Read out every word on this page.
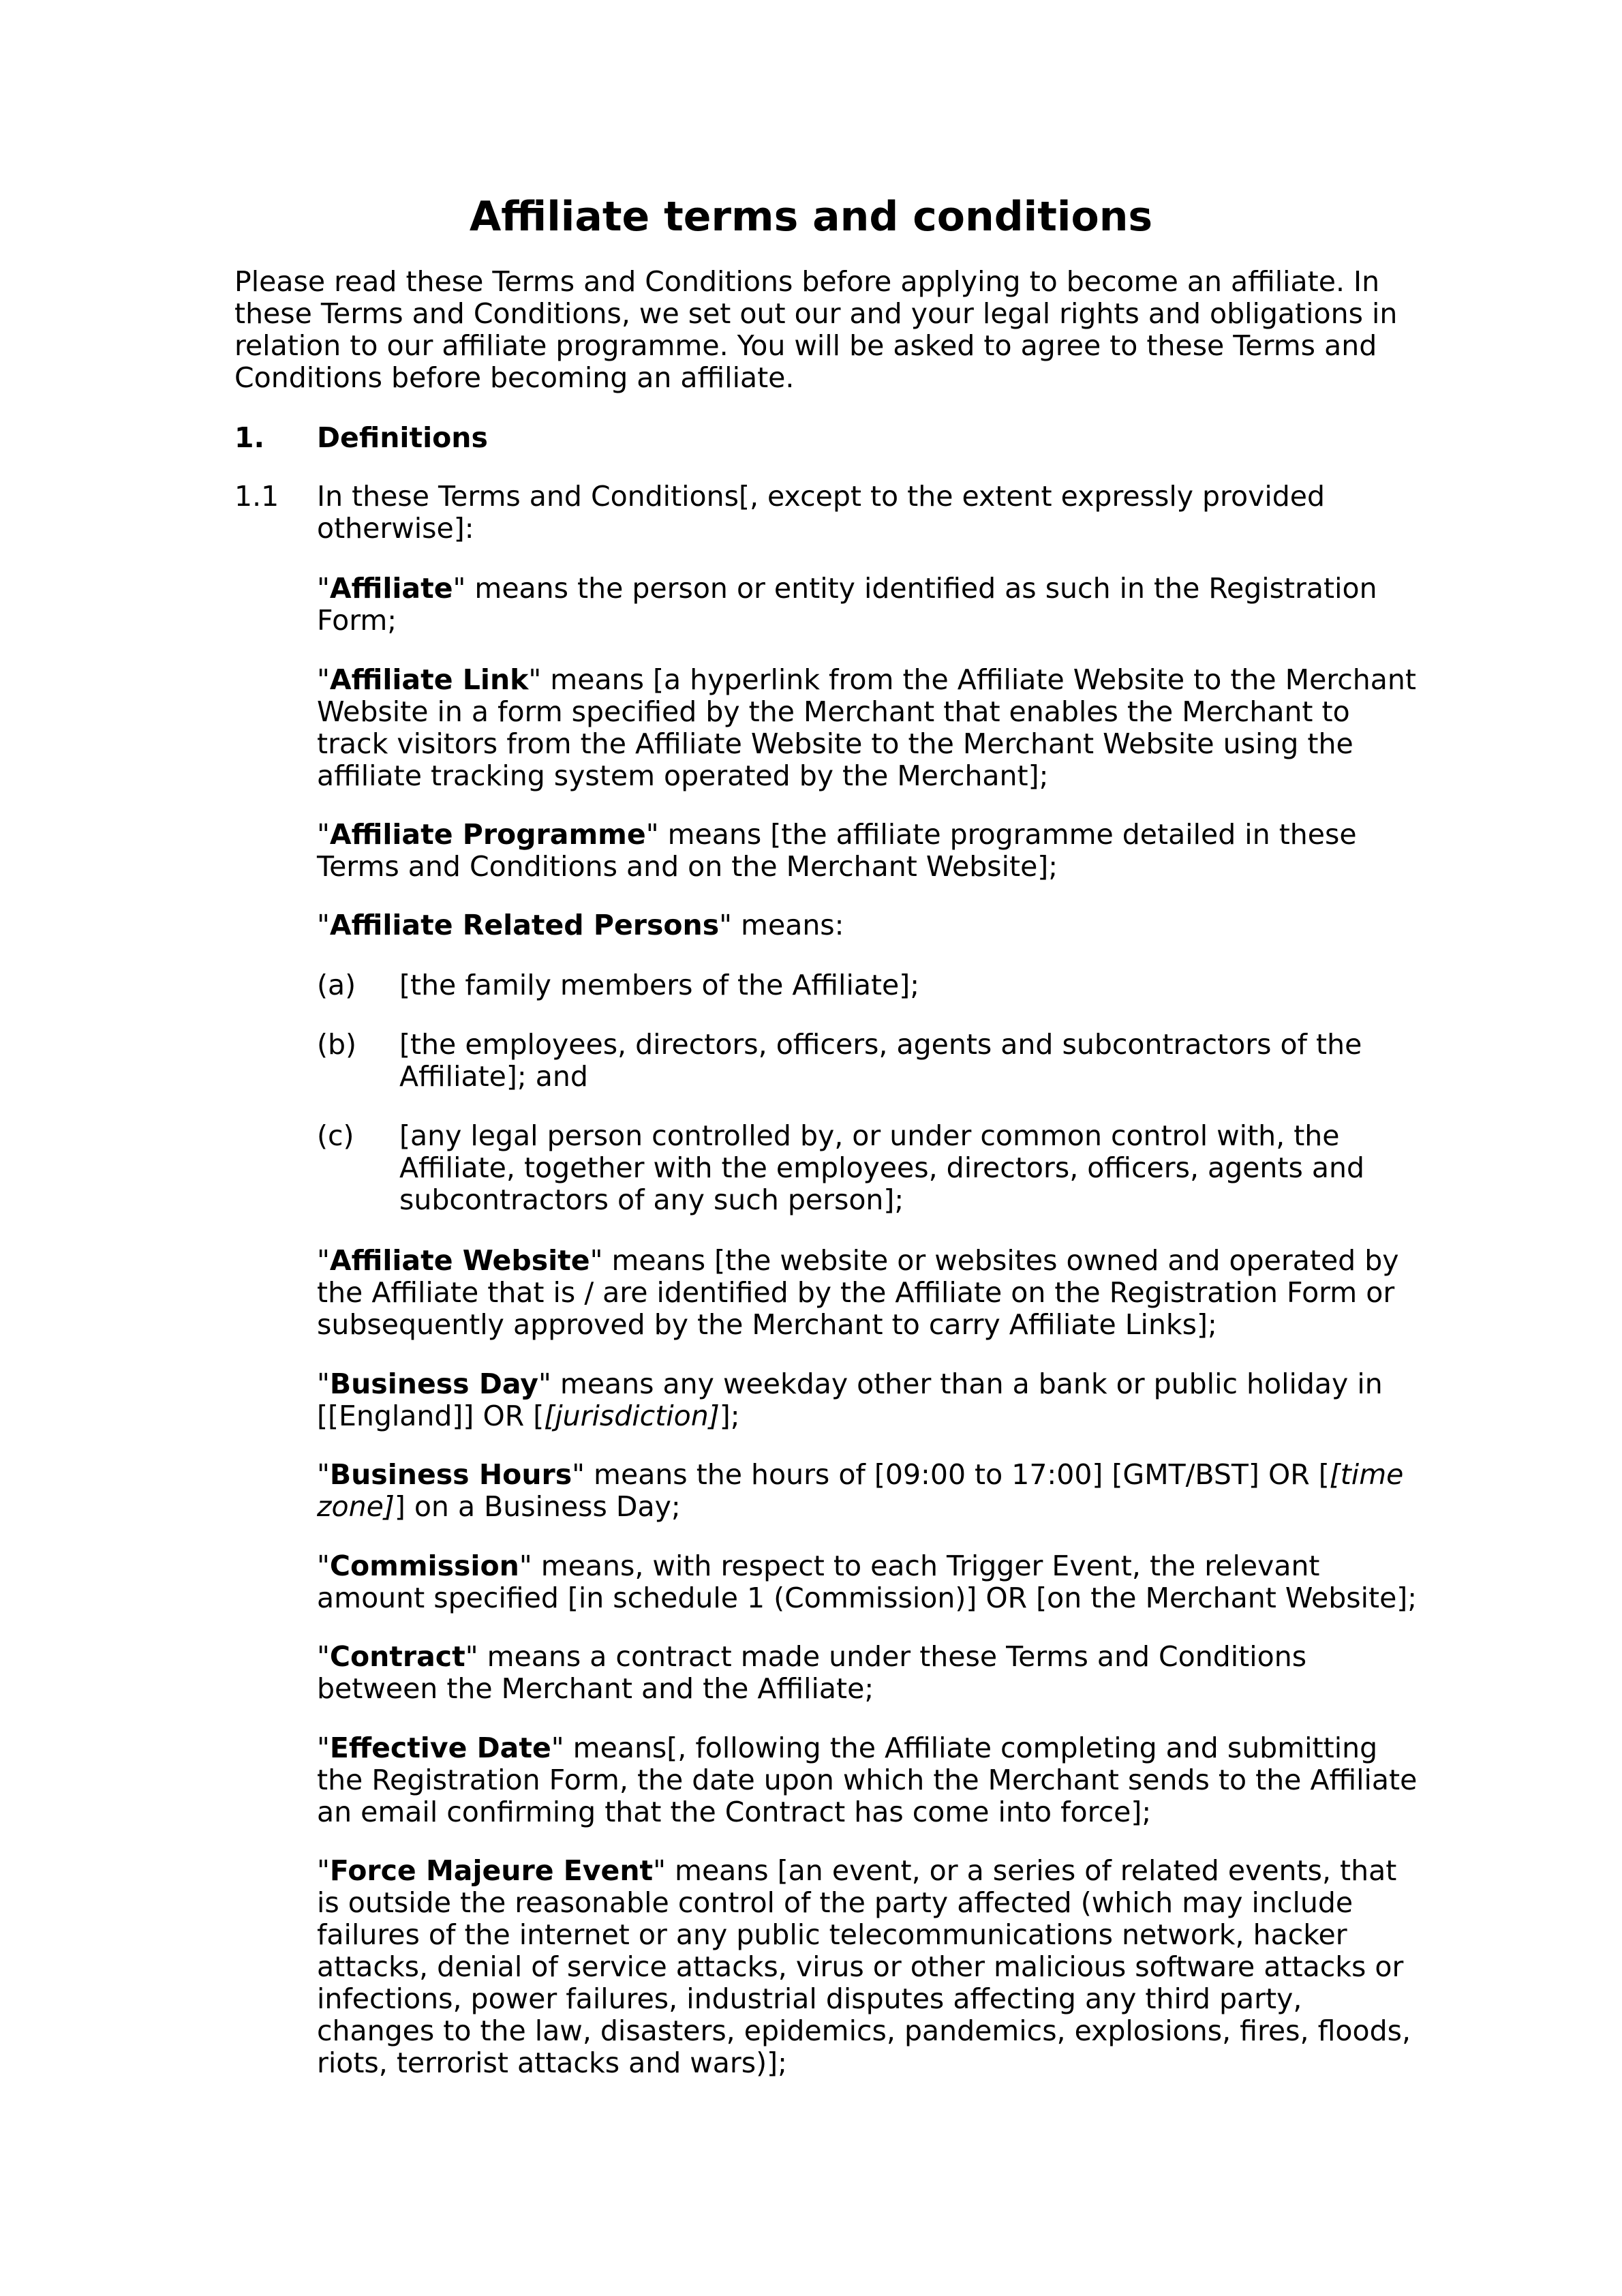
Affiliate terms and conditions

Please read these Terms and Conditions before applying to become an affiliate. In these Terms and Conditions, we set out our and your legal rights and obligations in relation to our affiliate programme. You will be asked to agree to these Terms and Conditions before becoming an affiliate.

1. Definitions
1.1 In these Terms and Conditions[, except to the extent expressly provided otherwise]:

"Affiliate" means the person or entity identified as such in the Registration Form;

"Affiliate Link" means [a hyperlink from the Affiliate Website to the Merchant Website in a form specified by the Merchant that enables the Merchant to track visitors from the Affiliate Website to the Merchant Website using the affiliate tracking system operated by the Merchant];

"Affiliate Programme" means [the affiliate programme detailed in these Terms and Conditions and on the Merchant Website];

"Affiliate Related Persons" means:

(a) [the family members of the Affiliate];

(b) [the employees, directors, officers, agents and subcontractors of the Affiliate]; and

(c) [any legal person controlled by, or under common control with, the Affiliate, together with the employees, directors, officers, agents and subcontractors of any such person];

"Affiliate Website" means [the website or websites owned and operated by the Affiliate that is / are identified by the Affiliate on the Registration Form or subsequently approved by the Merchant to carry Affiliate Links];

"Business Day" means any weekday other than a bank or public holiday in [[England]] OR [[jurisdiction]];

"Business Hours" means the hours of [09:00 to 17:00] [GMT/BST] OR [[time zone]] on a Business Day;

"Commission" means, with respect to each Trigger Event, the relevant amount specified [in schedule 1 (Commission)] OR [on the Merchant Website];

"Contract" means a contract made under these Terms and Conditions between the Merchant and the Affiliate;

"Effective Date" means[, following the Affiliate completing and submitting the Registration Form, the date upon which the Merchant sends to the Affiliate an email confirming that the Contract has come into force];

"Force Majeure Event" means [an event, or a series of related events, that is outside the reasonable control of the party affected (which may include failures of the internet or any public telecommunications network, hacker attacks, denial of service attacks, virus or other malicious software attacks or infections, power failures, industrial disputes affecting any third party, changes to the law, disasters, epidemics, pandemics, explosions, fires, floods, riots, terrorist attacks and wars)];
